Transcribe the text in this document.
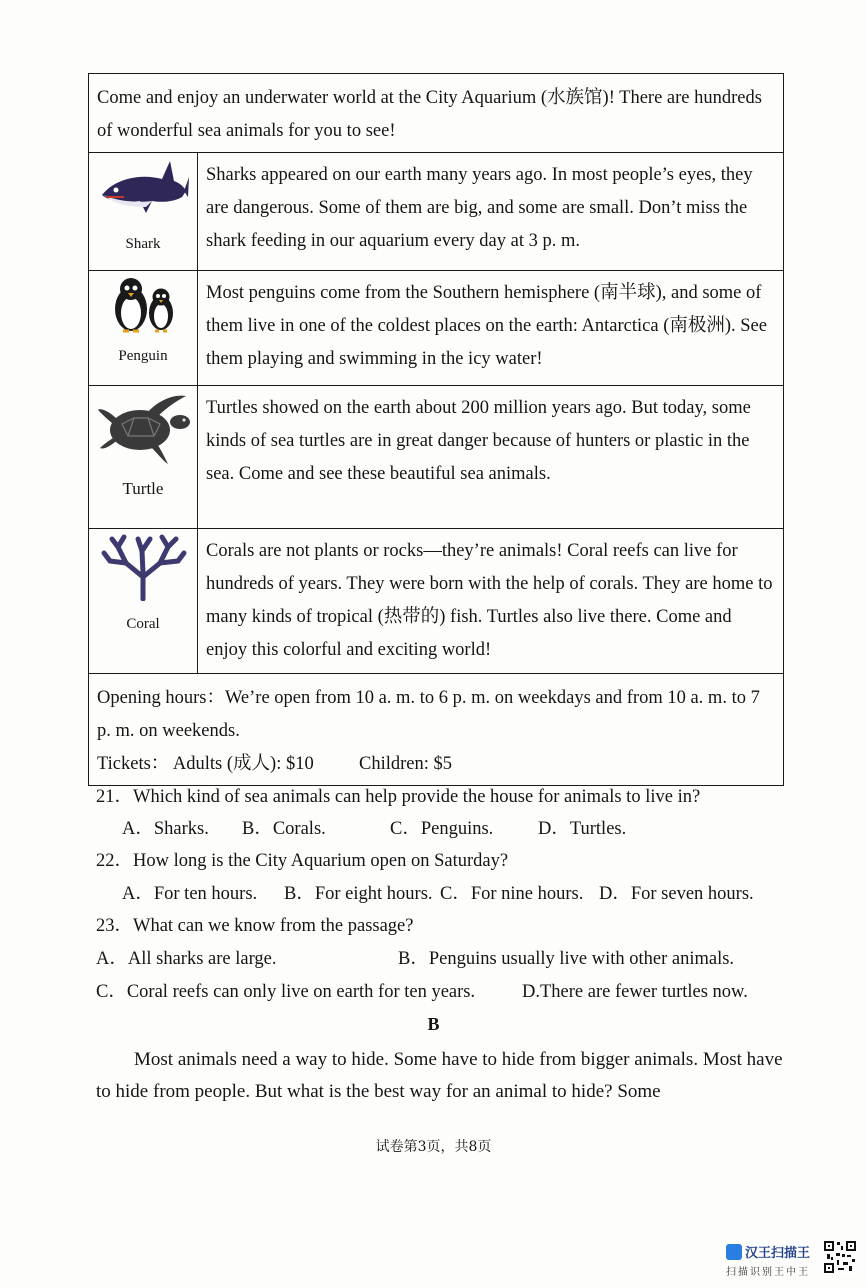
Come and enjoy an underwater world at the City Aquarium (水族馆)! There are hundreds of wonderful sea animals for you to see!	

Shark	Sharks appeared on our earth many years ago. In most people’s eyes, they are dangerous. Some of them are big, and some are small. Don’t miss the shark feeding in our aquarium every day at 3 p. m.

Penguin	Most penguins come from the Southern hemisphere (南半球), and some of them live in one of the coldest places on the earth: Antarctica (南极洲). See them playing and swimming in the icy water!

Turtle	Turtles showed on the earth about 200 million years ago. But today, some kinds of sea turtles are in great danger because of hunters or plastic in the sea. Come and see these beautiful sea animals.

Coral	Corals are not plants or rocks—they’re animals! Coral reefs can live for hundreds of years. They were born with the help of corals. They are home to many kinds of tropical (热带的) fish. Turtles also live there. Come and enjoy this colorful and exciting world!

Opening hours：We’re open from 10 a. m. to 6 p. m. on weekdays and from 10 a. m. to 7 p. m. on weekends.
Tickets： Adults (成人): $10 Children: $5	
21．Which kind of sea animals can help provide the house for animals to live in?
A．Sharks. B．Corals.	C．Penguins. D．Turtles.
22．How long is the City Aquarium open on Saturday?
A．For ten hours. B．For eight hours. C．For nine hours. D．For seven hours.
23．What can we know from the passage?
A．All sharks are large.	B．Penguins usually live with other animals.
C．Coral reefs can only live on earth for ten years.	D.There are fewer turtles now.
B
Most animals need a way to hide. Some have to hide from bigger animals. Most have to hide from people. But what is the best way for an animal to hide? Some
试卷第3页，共8页
汉王扫描王
扫描识别王中王
